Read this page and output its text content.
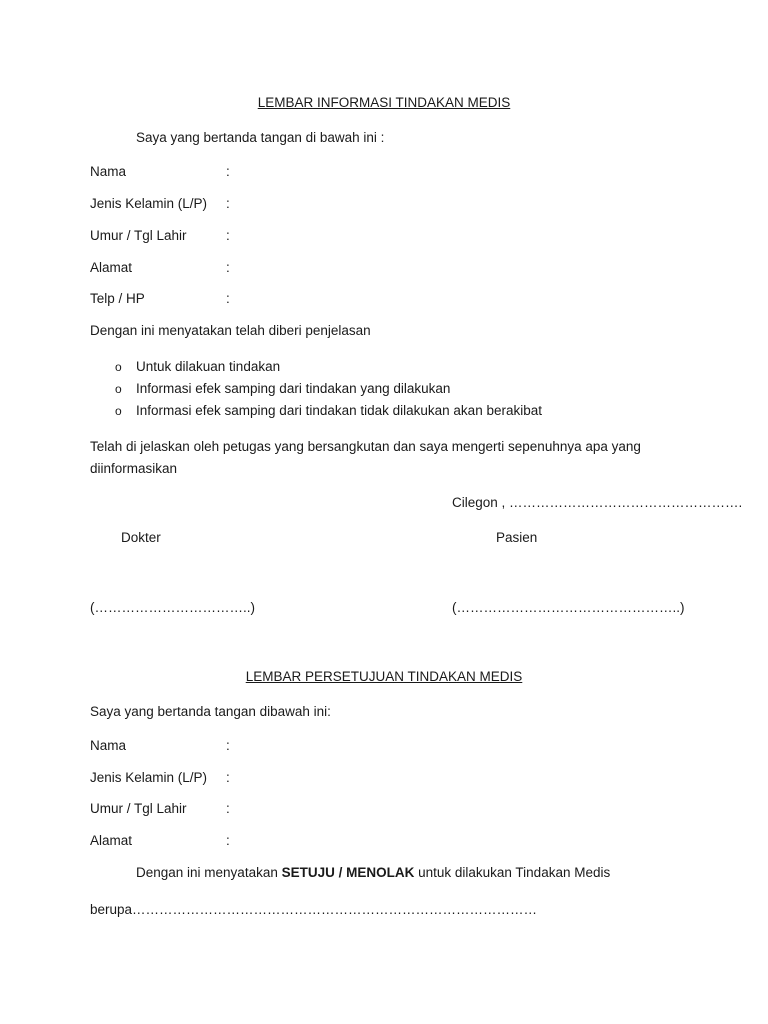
LEMBAR INFORMASI TINDAKAN MEDIS
Saya yang bertanda tangan di bawah ini :
Nama	:
Jenis Kelamin (L/P) :
Umur / Tgl Lahir	:
Alamat	:
Telp / HP	:
Dengan ini menyatakan telah diberi penjelasan
o Untuk dilakuan tindakan
o Informasi efek samping dari tindakan yang dilakukan
o Informasi efek samping dari tindakan tidak dilakukan akan berakibat
Telah di jelaskan oleh petugas yang bersangkutan dan saya mengerti sepenuhnya apa yang
diinformasikan
Cilegon , …………………………………………….
Dokter	Pasien
(……………………………..)	(…………………………………………..)
LEMBAR PERSETUJUAN TINDAKAN MEDIS
Saya yang bertanda tangan dibawah ini:
Nama	:
Jenis Kelamin (L/P) :
Umur / Tgl Lahir	:
Alamat	:
Dengan ini menyatakan SETUJU / MENOLAK untuk dilakukan Tindakan Medis
berupa………………………………………………………………………………
